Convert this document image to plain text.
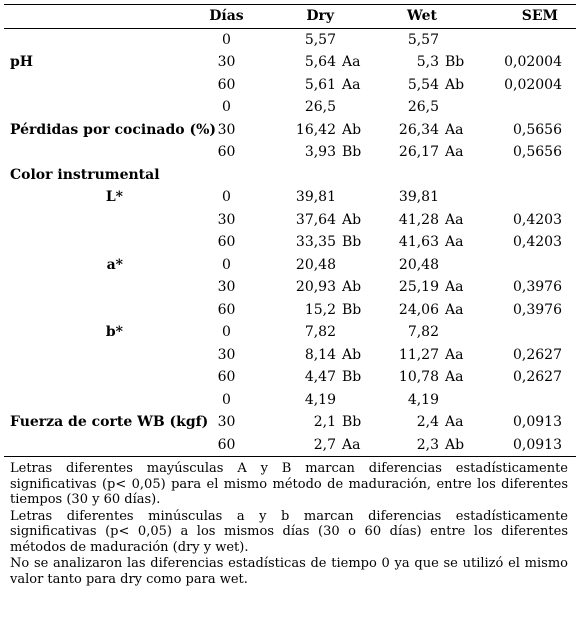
	Días	Dry		Wet		SEM
	0	5,57		5,57		
pH	30	5,64	Aa	5,3	Bb	0,02004
	60	5,61	Aa	5,54	Ab	0,02004
	0	26,5		26,5		
Pérdidas por cocinado (%)	30	16,42	Ab	26,34	Aa	0,5656
	60	3,93	Bb	26,17	Aa	0,5656
Color instrumental						
L*	0	39,81		39,81		
	30	37,64	Ab	41,28	Aa	0,4203
	60	33,35	Bb	41,63	Aa	0,4203
a*	0	20,48		20,48		
	30	20,93	Ab	25,19	Aa	0,3976
	60	15,2	Bb	24,06	Aa	0,3976
b*	0	7,82		7,82		
	30	8,14	Ab	11,27	Aa	0,2627
	60	4,47	Bb	10,78	Aa	0,2627
	0	4,19		4,19		
Fuerza de corte WB (kgf)	30	2,1	Bb	2,4	Aa	0,0913
	60	2,7	Aa	2,3	Ab	0,0913

Letras diferentes mayúsculas A y B marcan diferencias estadísticamente significativas (p< 0,05) para el mismo método de maduración, entre los diferentes tiempos (30 y 60 días).

Letras diferentes minúsculas a y b marcan diferencias estadísticamente significativas (p< 0,05) a los mismos días (30 o 60 días) entre los diferentes métodos de maduración (dry y wet).

No se analizaron las diferencias estadísticas de tiempo 0 ya que se utilizó el mismo valor tanto para dry como para wet.
